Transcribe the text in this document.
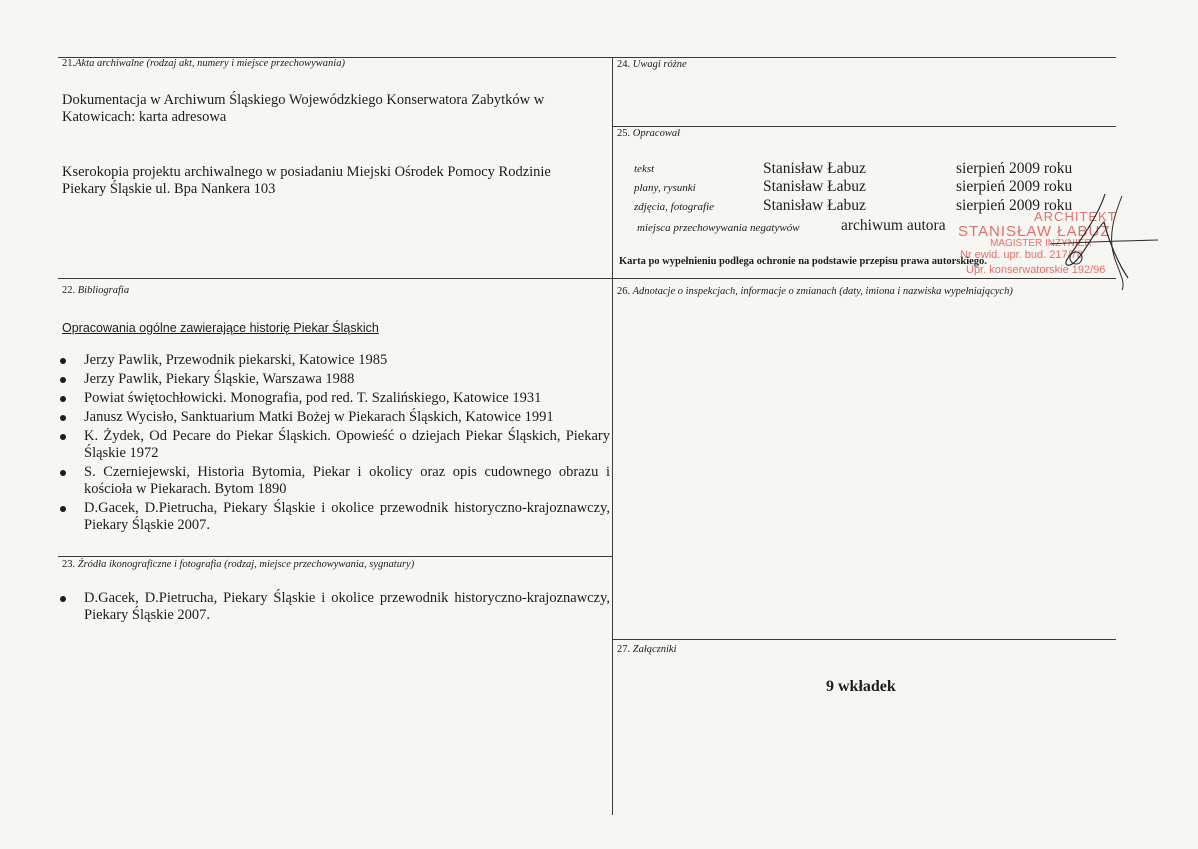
21.Akta archiwalne (rodzaj akt, numery i miejsce przechowywania)
Dokumentacja w Archiwum Śląskiego Wojewódzkiego Konserwatora Zabytków w
Katowicach: karta adresowa
Kserokopia projektu archiwalnego w posiadaniu Miejski Ośrodek Pomocy Rodzinie
Piekary Śląskie ul. Bpa Nankera 103
22. Bibliografia
Opracowania ogólne zawierające historię Piekar Śląskich
Jerzy Pawlik, Przewodnik piekarski, Katowice 1985
Jerzy Pawlik, Piekary Śląskie, Warszawa 1988
Powiat świętochłowicki. Monografia, pod red. T. Szalińskiego, Katowice 1931
Janusz Wycisło, Sanktuarium Matki Bożej w Piekarach Śląskich, Katowice 1991
K. Żydek, Od Pecare do Piekar Śląskich. Opowieść o dziejach Piekar Śląskich, Piekary Śląskie 1972
S. Czerniejewski, Historia Bytomia, Piekar i okolicy oraz opis cudownego obrazu i kościoła w Piekarach. Bytom 1890
D.Gacek, D.Pietrucha, Piekary Śląskie i okolice przewodnik historyczno-krajoznawczy, Piekary Śląskie 2007.
23. Źródła ikonograficzne i fotografia (rodzaj, miejsce przechowywania, sygnatury)
D.Gacek, D.Pietrucha, Piekary Śląskie i okolice przewodnik historyczno-krajoznawczy, Piekary Śląskie 2007.
24. Uwagi różne
25. Opracował
tekst	Stanisław Łabuz	sierpień 2009 roku
plany, rysunki	Stanisław Łabuz	sierpień 2009 roku
zdjęcia, fotografie	Stanisław Łabuz	sierpień 2009 roku
miejsca przechowywania negatywów	archiwum autora
Karta po wypełnieniu podlega ochronie na podstawie przepisu prawa autorskiego.
ARCHITEKT
STANISŁAW ŁABUZ
MAGISTER INŻYNIER
Nr ewid. upr. bud. 217/78
Upr. konserwatorskie 192/96
26. Adnotacje o inspekcjach, informacje o zmianach (daty, imiona i nazwiska wypełniających)
27. Załączniki
9 wkładek
